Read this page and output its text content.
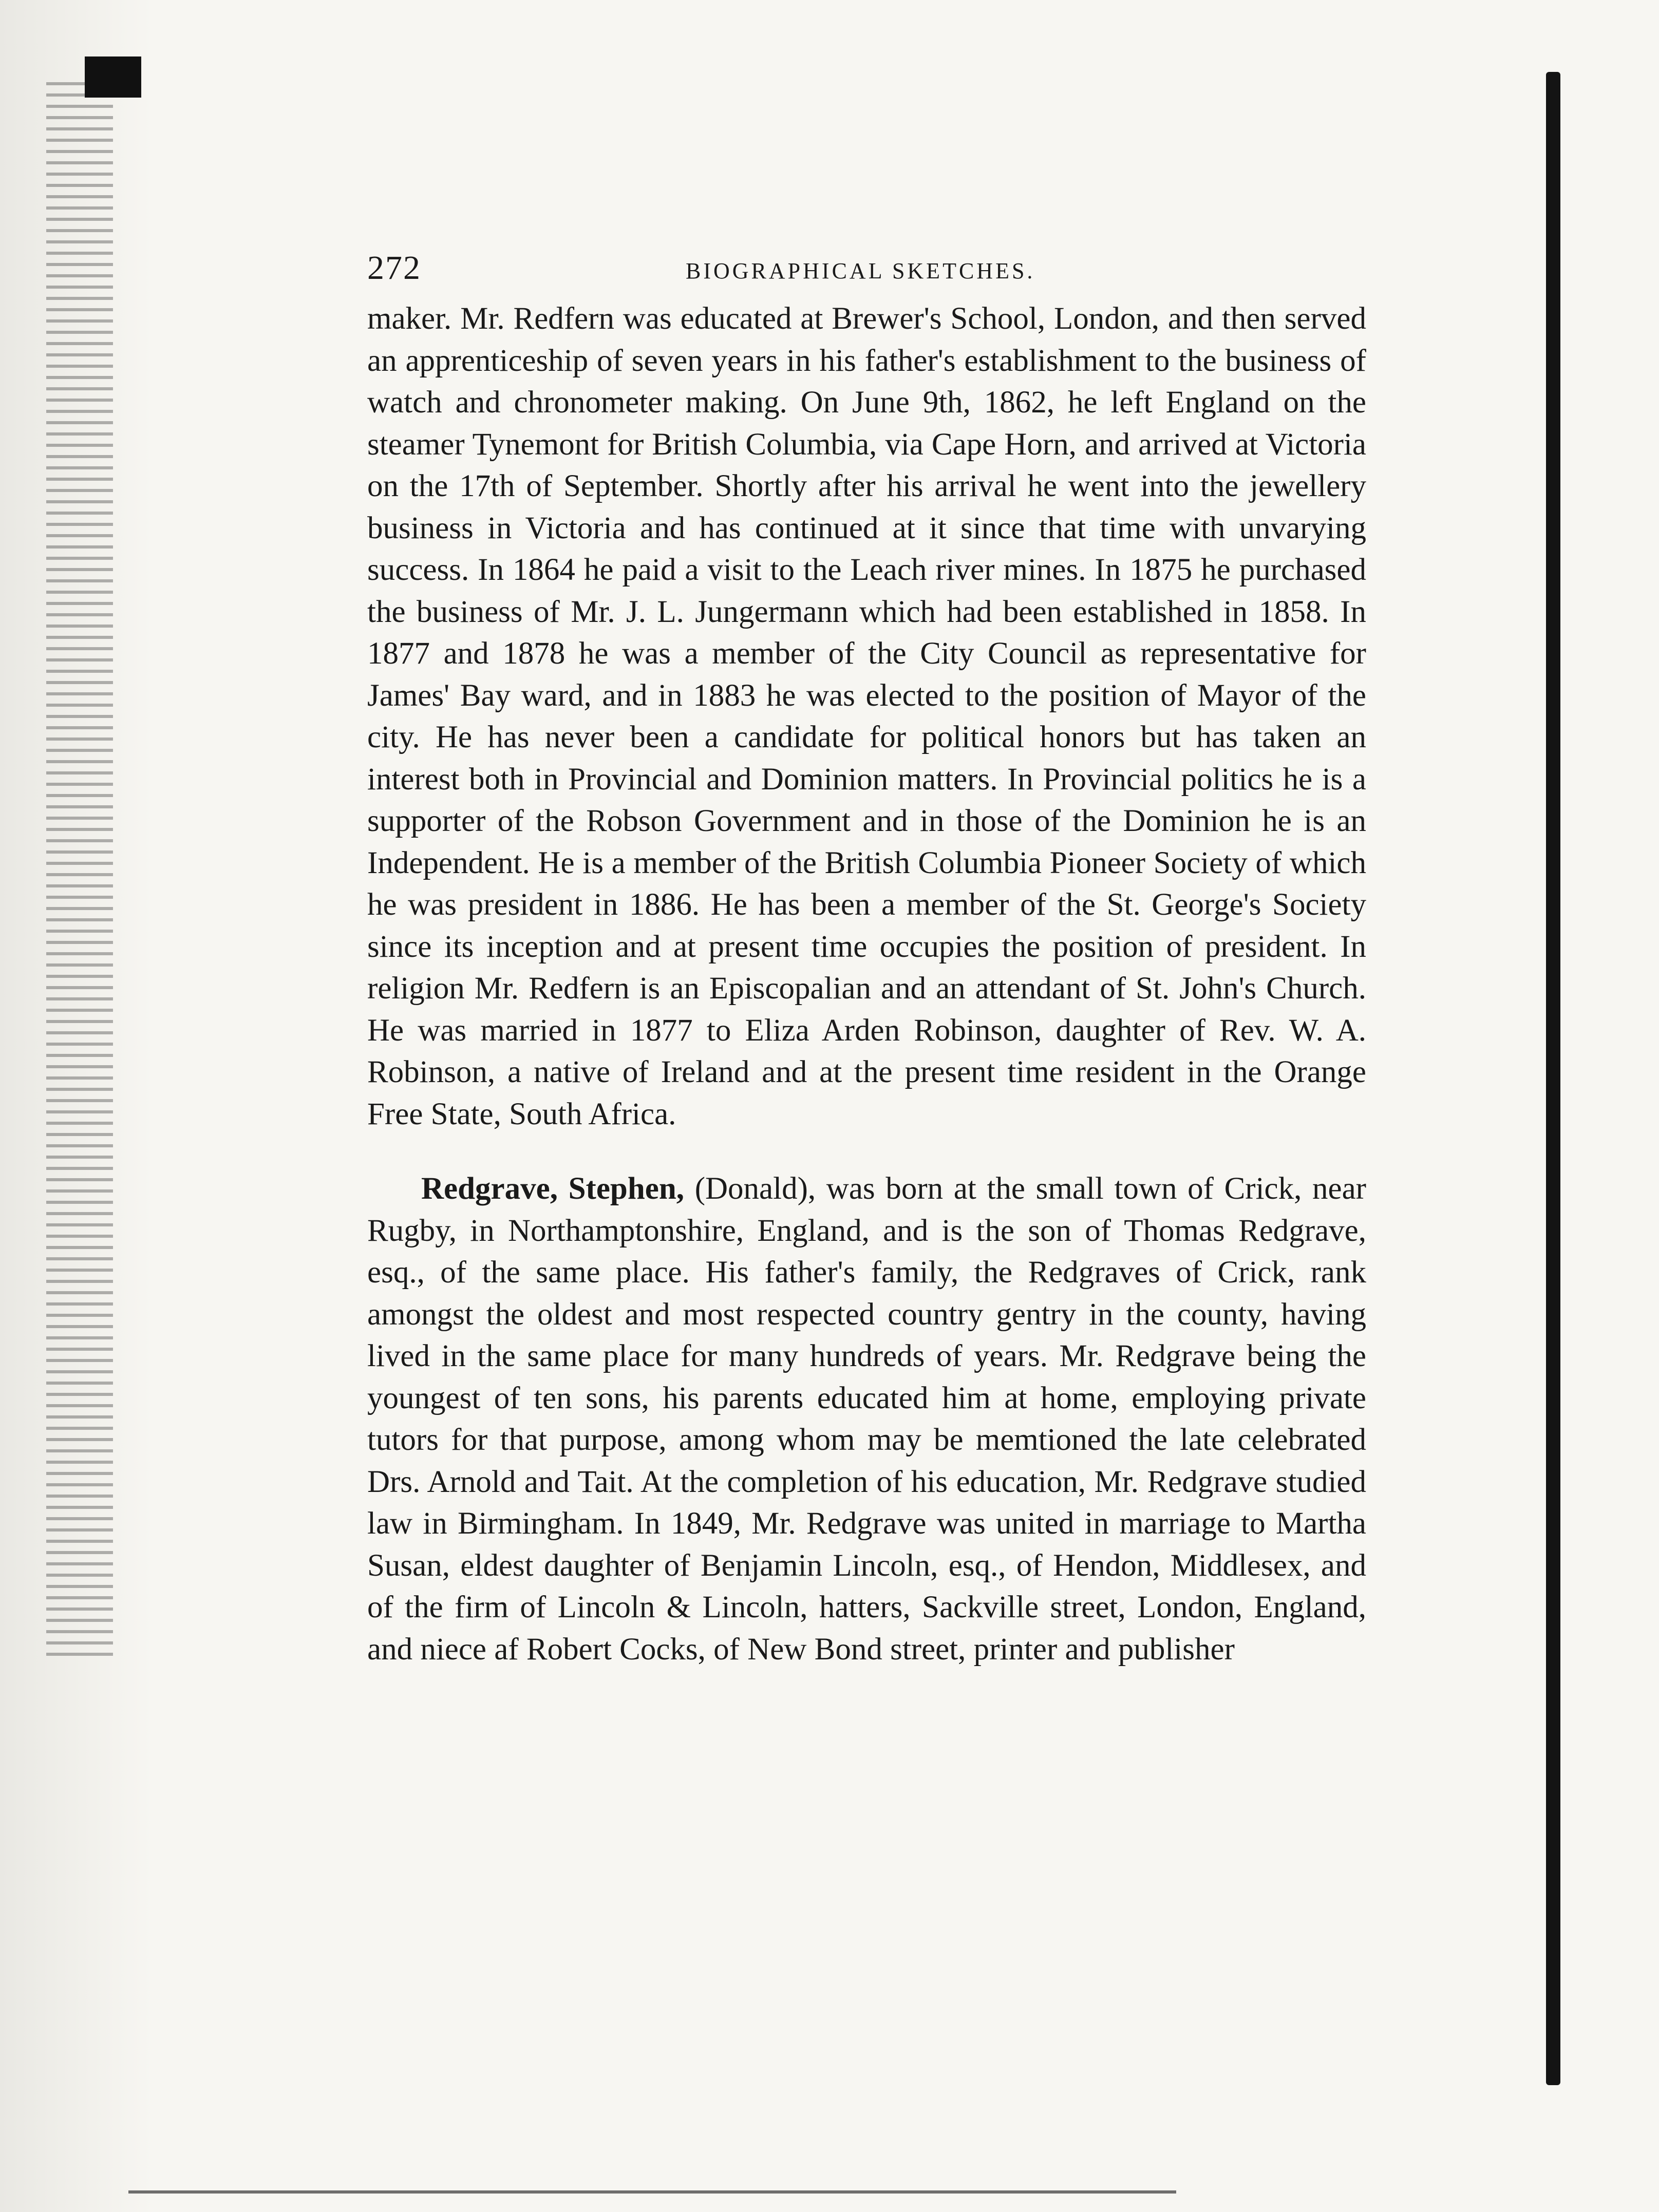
272	BIOGRAPHICAL SKETCHES.

maker. Mr. Redfern was educated at Brewer's School, London, and then served an apprenticeship of seven years in his father's establishment to the business of watch and chronometer making. On June 9th, 1862, he left England on the steamer Tynemont for British Columbia, via Cape Horn, and arrived at Victoria on the 17th of September. Shortly after his arrival he went into the jewellery business in Victoria and has continued at it since that time with unvarying success. In 1864 he paid a visit to the Leach river mines. In 1875 he purchased the business of Mr. J. L. Jungermann which had been established in 1858. In 1877 and 1878 he was a member of the City Council as representative for James' Bay ward, and in 1883 he was elected to the position of Mayor of the city. He has never been a candidate for political honors but has taken an interest both in Provincial and Dominion matters. In Provincial politics he is a supporter of the Robson Government and in those of the Dominion he is an Independent. He is a member of the British Columbia Pioneer Society of which he was president in 1886. He has been a member of the St. George's Society since its inception and at present time occupies the position of president. In religion Mr. Redfern is an Episcopalian and an attendant of St. John's Church. He was married in 1877 to Eliza Arden Robinson, daughter of Rev. W. A. Robinson, a native of Ireland and at the present time resident in the Orange Free State, South Africa.

Redgrave, Stephen, (Donald), was born at the small town of Crick, near Rugby, in Northamptonshire, England, and is the son of Thomas Redgrave, esq., of the same place. His father's family, the Redgraves of Crick, rank amongst the oldest and most respected country gentry in the county, having lived in the same place for many hundreds of years. Mr. Redgrave being the youngest of ten sons, his parents educated him at home, employing private tutors for that purpose, among whom may be memtioned the late celebrated Drs. Arnold and Tait. At the completion of his education, Mr. Redgrave studied law in Birmingham. In 1849, Mr. Redgrave was united in marriage to Martha Susan, eldest daughter of Benjamin Lincoln, esq., of Hendon, Middlesex, and of the firm of Lincoln & Lincoln, hatters, Sackville street, London, England, and niece af Robert Cocks, of New Bond street, printer and publisher
